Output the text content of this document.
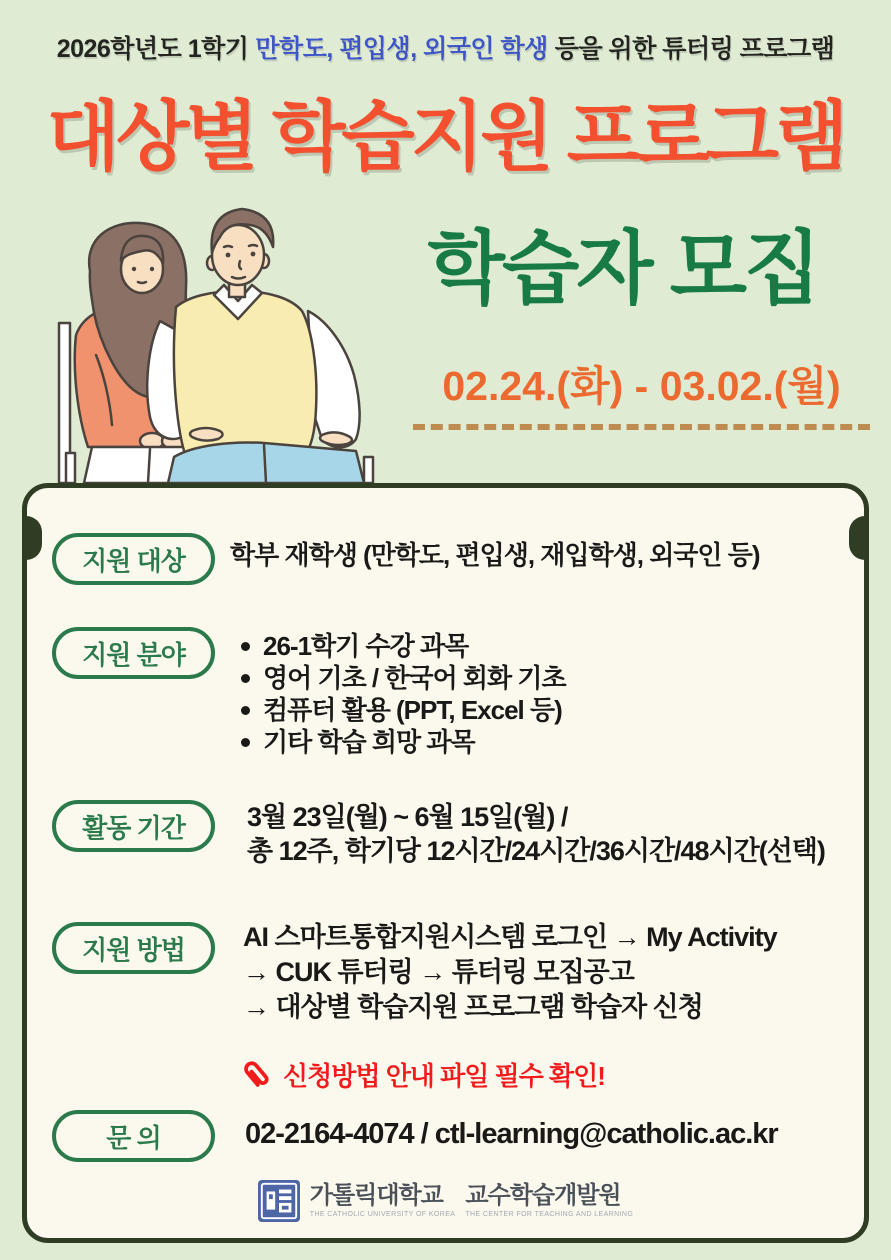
2026학년도 1학기 만학도, 편입생, 외국인 학생 등을 위한 튜터링 프로그램
대상별 학습지원 프로그램
학습자 모집
02.24.(화) - 03.02.(월)
지원 대상	학부 재학생 (만학도, 편입생, 재입학생, 외국인 등)
지원 분야	26-1학기 수강 과목
영어 기초 / 한국어 회화 기초
컴퓨터 활용 (PPT, Excel 등)
기타 학습 희망 과목
활동 기간	3월 23일(월) ~ 6월 15일(월) /
총 12주, 학기당 12시간/24시간/36시간/48시간(선택)
지원 방법	AI 스마트통합지원시스템 로그인 → My Activity
→ CUK 튜터링 → 튜터링 모집공고
→ 대상별 학습지원 프로그램 학습자 신청
신청방법 안내 파일 필수 확인!
문 의	02-2164-4074 / ctl-learning@catholic.ac.kr
가톨릭대학교
THE CATHOLIC UNIVERSITY OF KOREA
교수학습개발원
THE CENTER FOR TEACHING AND LEARNING
